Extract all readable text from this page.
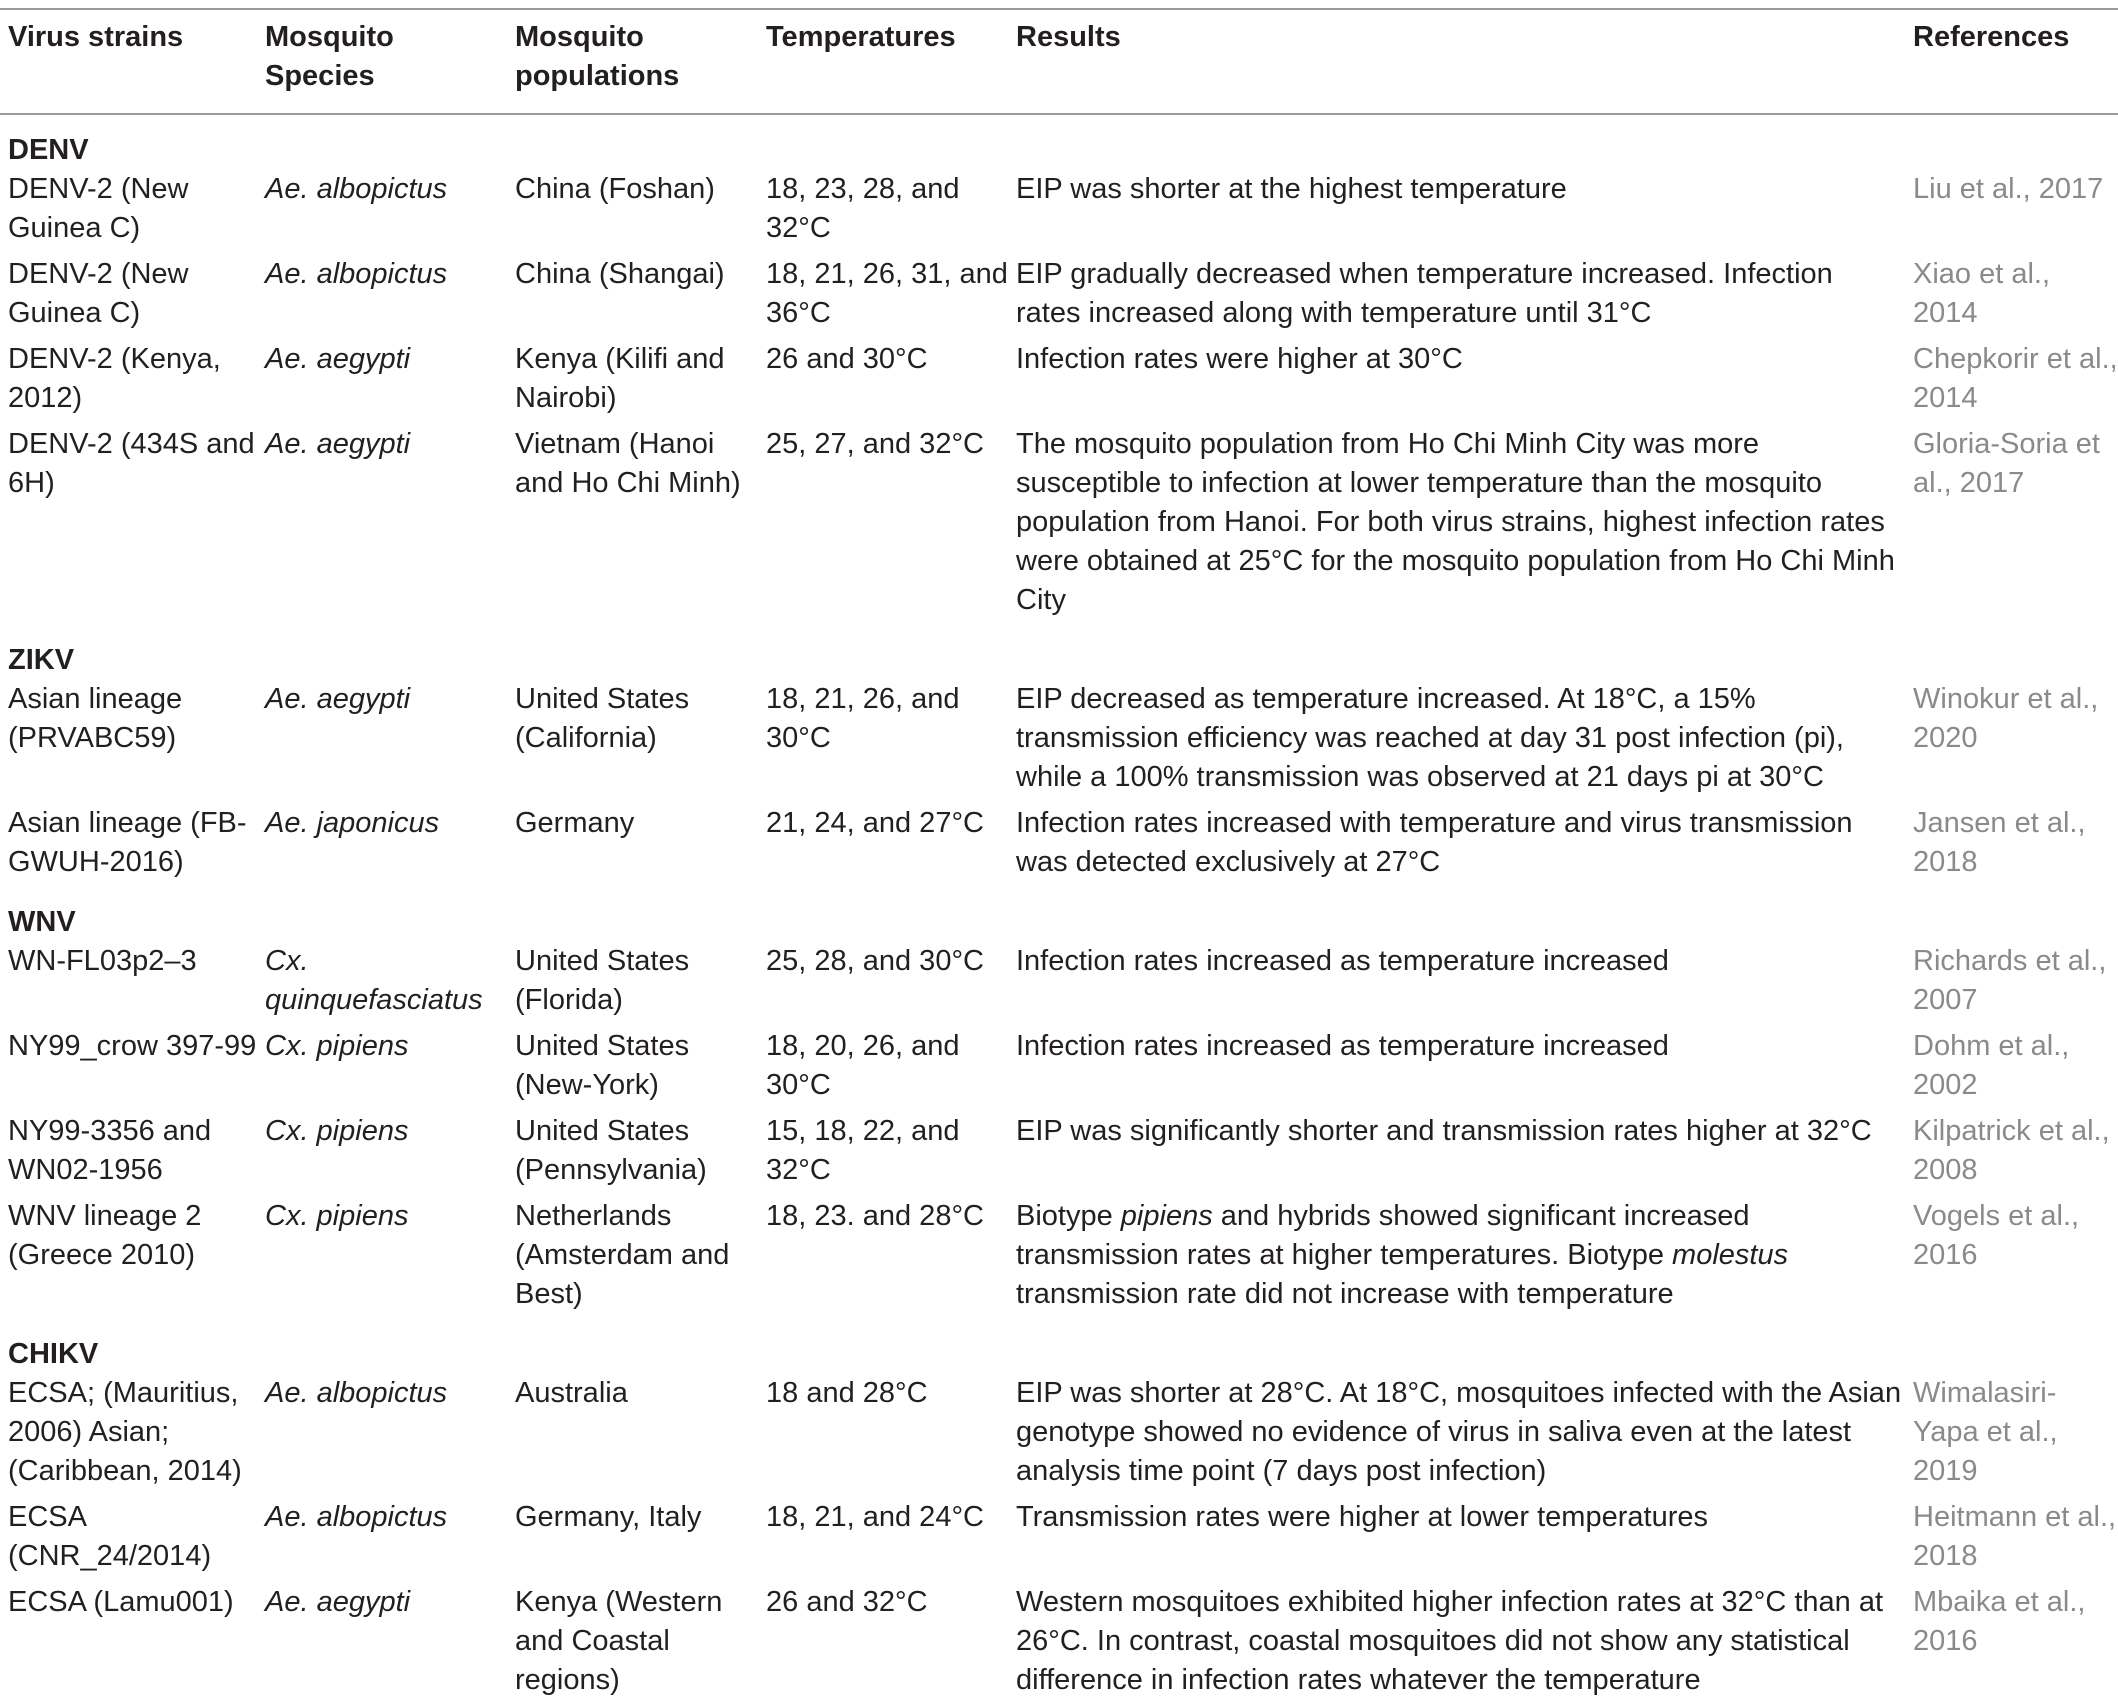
Virus strains	Mosquito Species	Mosquito populations	Temperatures	Results	References
DENV					
DENV-2 (New Guinea C)	Ae. albopictus	China (Foshan)	18, 23, 28, and 32°C	EIP was shorter at the highest temperature	Liu et al., 2017
DENV-2 (New Guinea C)	Ae. albopictus	China (Shangai)	18, 21, 26, 31, and 36°C	EIP gradually decreased when temperature increased. Infection rates increased along with temperature until 31°C	Xiao et al., 2014
DENV-2 (Kenya, 2012)	Ae. aegypti	Kenya (Kilifi and Nairobi)	26 and 30°C	Infection rates were higher at 30°C	Chepkorir et al., 2014
DENV-2 (434S and 6H)	Ae. aegypti	Vietnam (Hanoi and Ho Chi Minh)	25, 27, and 32°C	The mosquito population from Ho Chi Minh City was more susceptible to infection at lower temperature than the mosquito population from Hanoi. For both virus strains, highest infection rates were obtained at 25°C for the mosquito population from Ho Chi Minh City	Gloria-Soria et al., 2017
ZIKV					
Asian lineage (PRVABC59)	Ae. aegypti	United States (California)	18, 21, 26, and 30°C	EIP decreased as temperature increased. At 18°C, a 15% transmission efficiency was reached at day 31 post infection (pi), while a 100% transmission was observed at 21 days pi at 30°C	Winokur et al., 2020
Asian lineage (FB-GWUH-2016)	Ae. japonicus	Germany	21, 24, and 27°C	Infection rates increased with temperature and virus transmission was detected exclusively at 27°C	Jansen et al., 2018
WNV					
WN-FL03p2–3	Cx. quinquefasciatus	United States (Florida)	25, 28, and 30°C	Infection rates increased as temperature increased	Richards et al., 2007
NY99_crow 397-99	Cx. pipiens	United States (New-York)	18, 20, 26, and 30°C	Infection rates increased as temperature increased	Dohm et al., 2002
NY99-3356 and WN02-1956	Cx. pipiens	United States (Pennsylvania)	15, 18, 22, and 32°C	EIP was significantly shorter and transmission rates higher at 32°C	Kilpatrick et al., 2008
WNV lineage 2 (Greece 2010)	Cx. pipiens	Netherlands (Amsterdam and Best)	18, 23. and 28°C	Biotype pipiens and hybrids showed significant increased transmission rates at higher temperatures. Biotype molestus transmission rate did not increase with temperature	Vogels et al., 2016
CHIKV					
ECSA; (Mauritius, 2006) Asian; (Caribbean, 2014)	Ae. albopictus	Australia	18 and 28°C	EIP was shorter at 28°C. At 18°C, mosquitoes infected with the Asian genotype showed no evidence of virus in saliva even at the latest analysis time point (7 days post infection)	Wimalasiri-Yapa et al., 2019
ECSA (CNR_24/2014)	Ae. albopictus	Germany, Italy	18, 21, and 24°C	Transmission rates were higher at lower temperatures	Heitmann et al., 2018
ECSA (Lamu001)	Ae. aegypti	Kenya (Western and Coastal regions)	26 and 32°C	Western mosquitoes exhibited higher infection rates at 32°C than at 26°C. In contrast, coastal mosquitoes did not show any statistical difference in infection rates whatever the temperature	Mbaika et al., 2016
